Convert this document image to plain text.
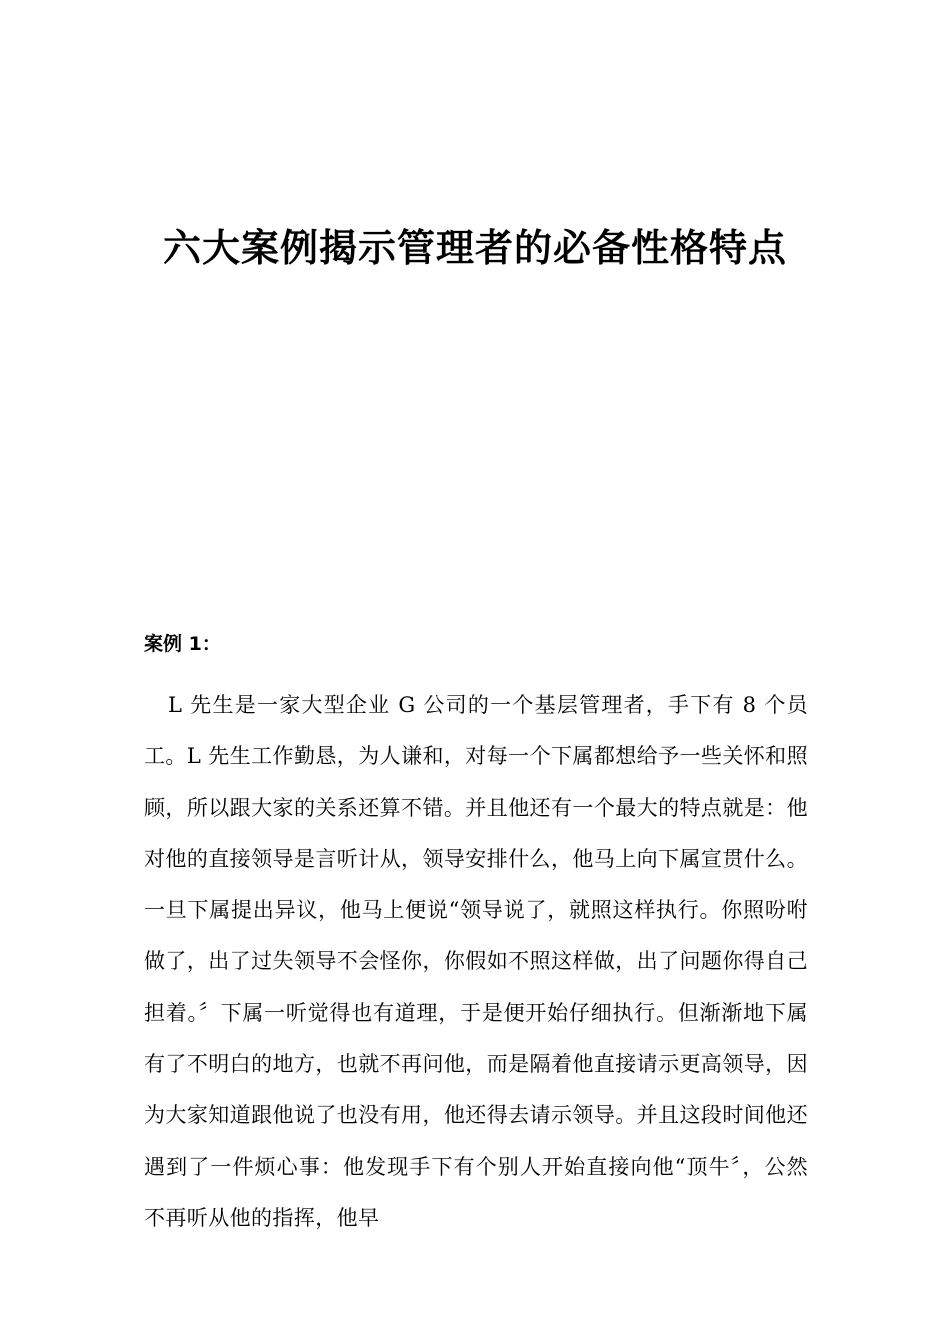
六大案例揭示管理者的必备性格特点
案例 1：

L 先生是一家大型企业 G 公司的一个基层管理者，手下有 8 个员工。L 先生工作勤恳，为人谦和，对每一个下属都想给予一些关怀和照顾，所以跟大家的关系还算不错。并且他还有一个最大的特点就是：他对他的直接领导是言听计从，领导安排什么，他马上向下属宣贯什么。一旦下属提出异议，他马上便说“领导说了，就照这样执行。你照吩咐做了，出了过失领导不会怪你，你假如不照这样做，出了问题你得自己担着。〞下属一听觉得也有道理，于是便开始仔细执行。但渐渐地下属有了不明白的地方，也就不再问他，而是隔着他直接请示更高领导，因为大家知道跟他说了也没有用，他还得去请示领导。并且这段时间他还遇到了一件烦心事：他发现手下有个别人开始直接向他“顶牛〞，公然不再听从他的指挥，他早
